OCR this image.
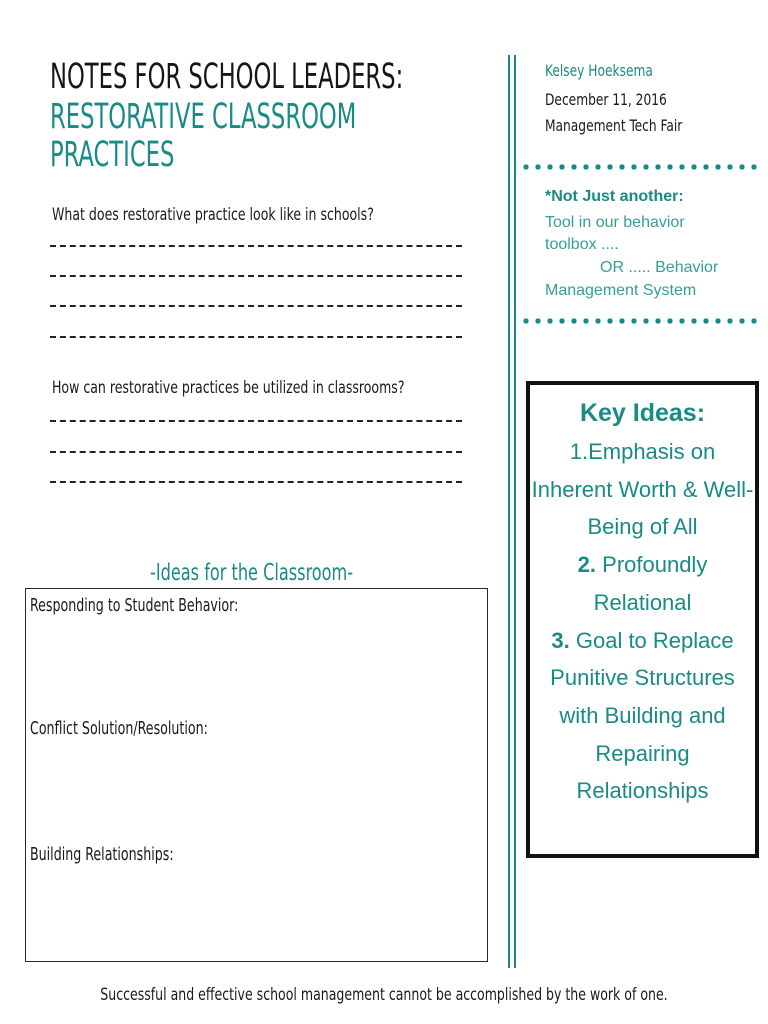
NOTES FOR SCHOOL LEADERS:
RESTORATIVE CLASSROOM
PRACTICES
What does restorative practice look like in schools?
How can restorative practices be utilized in classrooms?
-Ideas for the Classroom-
Responding to Student Behavior:
Conflict Solution/Resolution:
Building Relationships:
Kelsey Hoeksema
December 11, 2016
Management Tech Fair
*Not Just another:
Tool in our behavior
toolbox ....
OR ..... Behavior
Management System
Key Ideas:

1.Emphasis on Inherent Worth & Well-Being of All

2. Profoundly Relational

3. Goal to Replace Punitive Structures with Building and Repairing Relationships

Successful and effective school management cannot be accomplished by the work of one.
